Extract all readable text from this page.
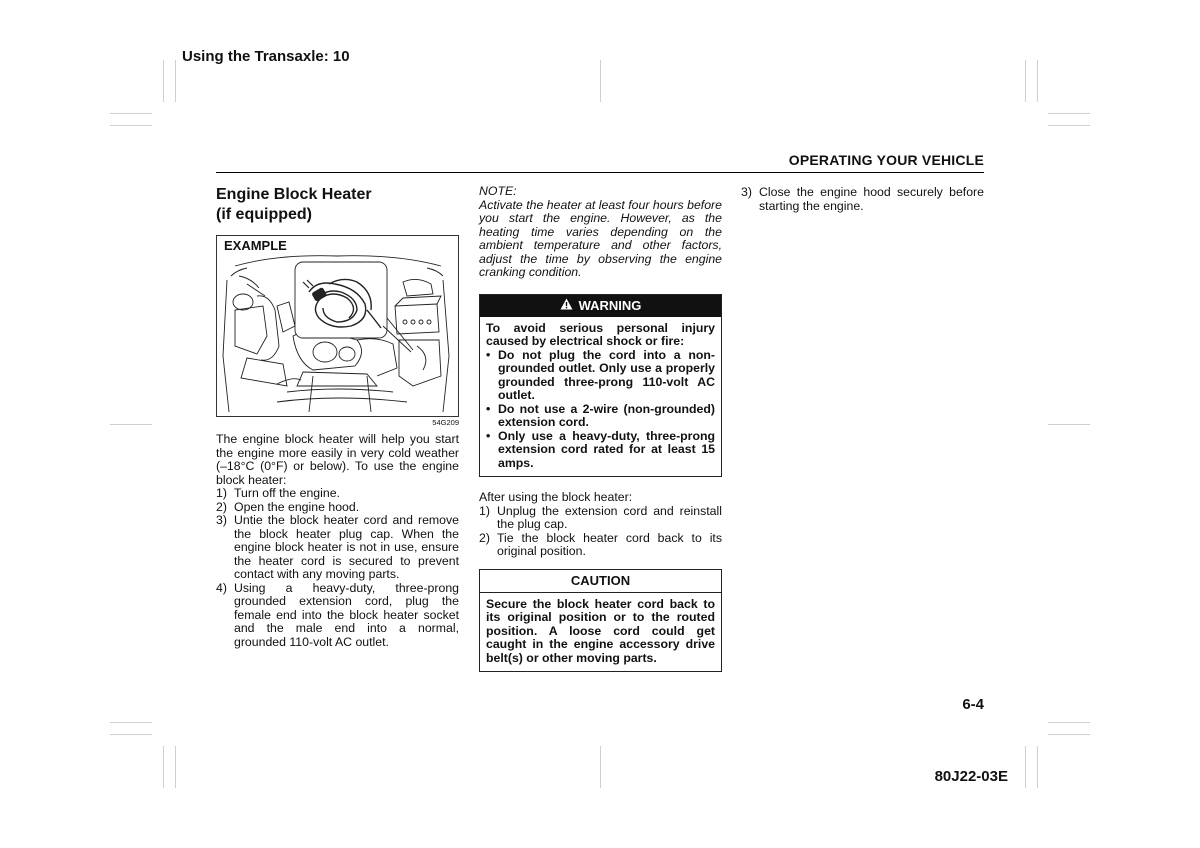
Using the Transaxle: 10
OPERATING YOUR VEHICLE
Engine Block Heater
(if equipped)
EXAMPLE
54G209
The engine block heater will help you start the engine more easily in very cold weather (–18°C (0°F) or below). To use the engine block heater:
1) Turn off the engine.
2) Open the engine hood.
3) Untie the block heater cord and remove the block heater plug cap. When the engine block heater is not in use, ensure the heater cord is secured to prevent contact with any moving parts.
4) Using a heavy-duty, three-prong grounded extension cord, plug the female end into the block heater socket and the male end into a normal, grounded 110-volt AC outlet.
NOTE:
Activate the heater at least four hours before you start the engine. However, as the heating time varies depending on the ambient temperature and other factors, adjust the time by observing the engine cranking condition.
WARNING
To avoid serious personal injury caused by electrical shock or fire:
• Do not plug the cord into a non-grounded outlet. Only use a properly grounded three-prong 110-volt AC outlet.
• Do not use a 2-wire (non-grounded) extension cord.
• Only use a heavy-duty, three-prong extension cord rated for at least 15 amps.
After using the block heater:
1) Unplug the extension cord and reinstall the plug cap.
2) Tie the block heater cord back to its original position.
CAUTION
Secure the block heater cord back to its original position or to the routed position. A loose cord could get caught in the engine accessory drive belt(s) or other moving parts.
3) Close the engine hood securely before starting the engine.
6-4
80J22-03E
